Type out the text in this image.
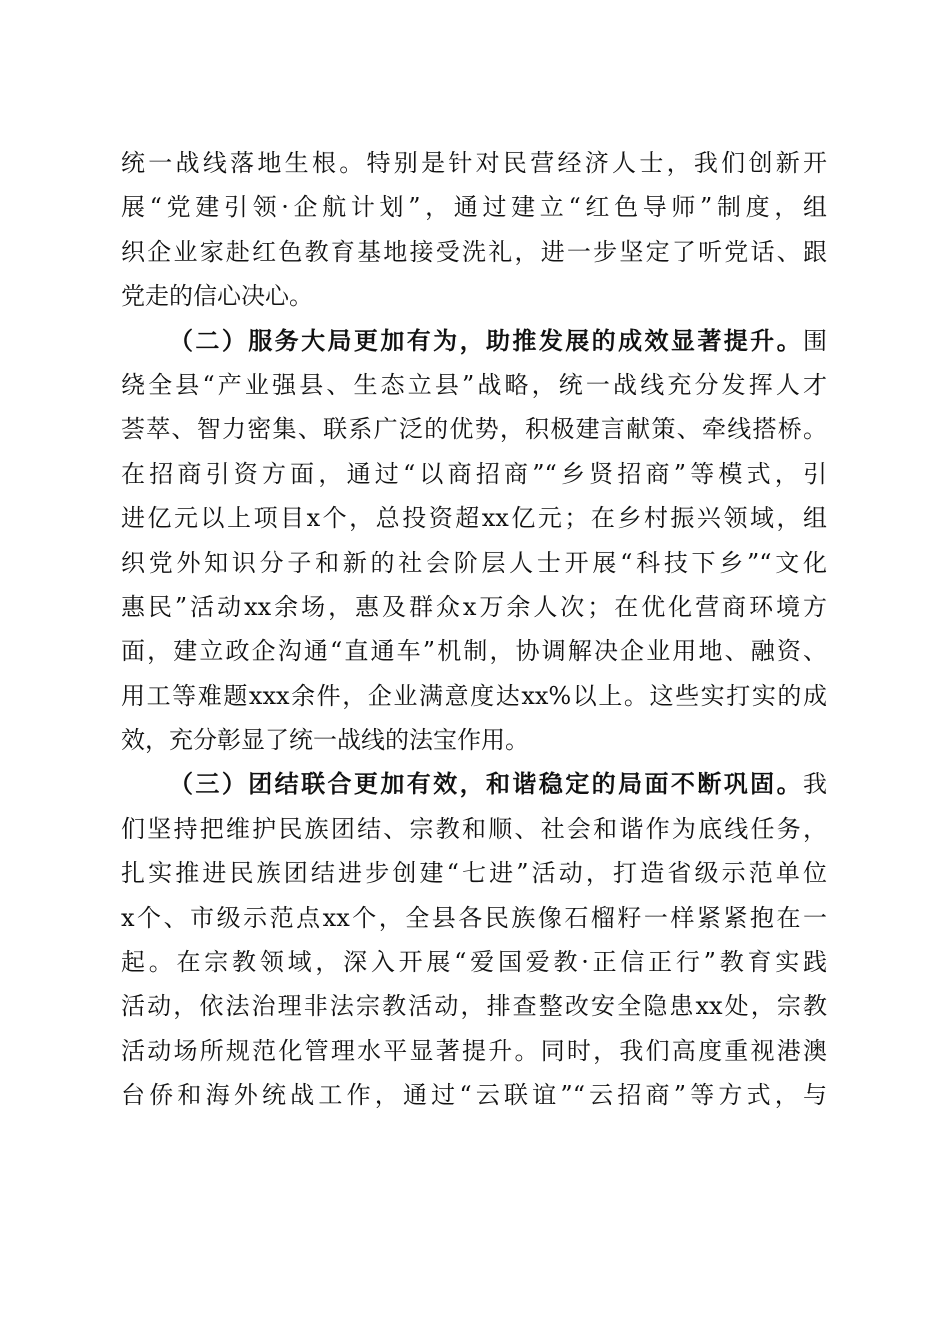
统一战线落地生根。特别是针对民营经济人士，我们创新开
展“党建引领·企航计划”，通过建立“红色导师”制度，组
织企业家赴红色教育基地接受洗礼，进一步坚定了听党话、跟
党走的信心决心。
（二）服务大局更加有为，助推发展的成效显著提升。围
绕全县“产业强县、生态立县”战略，统一战线充分发挥人才
荟萃、智力密集、联系广泛的优势，积极建言献策、牵线搭桥。
在招商引资方面，通过“以商招商”“乡贤招商”等模式，引
进亿元以上项目x个，总投资超xx亿元；在乡村振兴领域，组
织党外知识分子和新的社会阶层人士开展“科技下乡”“文化
惠民”活动xx余场，惠及群众x万余人次；在优化营商环境方
面，建立政企沟通“直通车”机制，协调解决企业用地、融资、
用工等难题xxx余件，企业满意度达xx%以上。这些实打实的成
效，充分彰显了统一战线的法宝作用。
（三）团结联合更加有效，和谐稳定的局面不断巩固。我
们坚持把维护民族团结、宗教和顺、社会和谐作为底线任务，
扎实推进民族团结进步创建“七进”活动，打造省级示范单位
x个、市级示范点xx个，全县各民族像石榴籽一样紧紧抱在一
起。在宗教领域，深入开展“爱国爱教·正信正行”教育实践
活动，依法治理非法宗教活动，排查整改安全隐患xx处，宗教
活动场所规范化管理水平显著提升。同时，我们高度重视港澳
台侨和海外统战工作，通过“云联谊”“云招商”等方式，与
